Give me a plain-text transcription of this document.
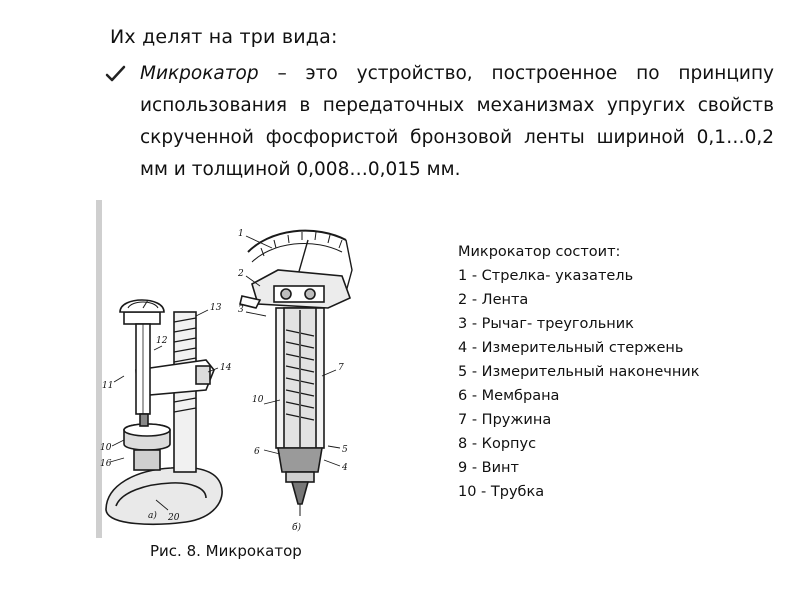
Их делят на три вида:
Микрокатор – это устройство, построенное по принципу использования в передаточных механизмах упругих свойств скрученной фосфористой бронзовой ленты шириной 0,1…0,2 мм и толщиной 0,008…0,015 мм.
13
14
12
11
10
16
20
а)
1
2
3
10
6	5
4
7
б)
Рис. 8. Микрокатор
Микрокатор состоит:
1 - Стрелка- указатель
2 - Лента
3 - Рычаг- треугольник
4 - Измерительный стержень
5 - Измерительный наконечник
6 - Мембрана
7 - Пружина
8 - Корпус
9 - Винт
10 - Трубка
